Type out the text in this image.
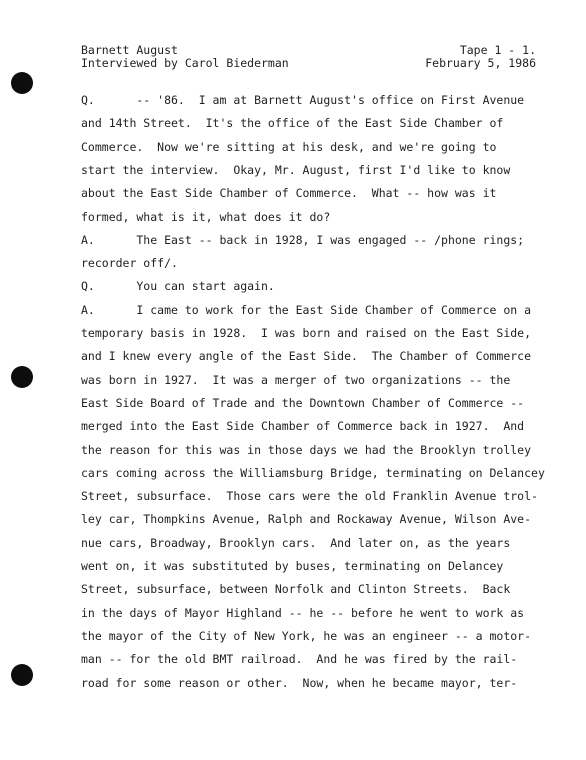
Barnett August	Tape 1 - 1.
Interviewed by Carol Biederman	February 5, 1986
Q.      -- '86.  I am at Barnett August's office on First Avenue
and 14th Street.  It's the office of the East Side Chamber of
Commerce.  Now we're sitting at his desk, and we're going to
start the interview.  Okay, Mr. August, first I'd like to know
about the East Side Chamber of Commerce.  What -- how was it
formed, what is it, what does it do?
A.      The East -- back in 1928, I was engaged -- /phone rings;
recorder off/.
Q.      You can start again.
A.      I came to work for the East Side Chamber of Commerce on a
temporary basis in 1928.  I was born and raised on the East Side,
and I knew every angle of the East Side.  The Chamber of Commerce
was born in 1927.  It was a merger of two organizations -- the
East Side Board of Trade and the Downtown Chamber of Commerce --
merged into the East Side Chamber of Commerce back in 1927.  And
the reason for this was in those days we had the Brooklyn trolley
cars coming across the Williamsburg Bridge, terminating on Delancey
Street, subsurface.  Those cars were the old Franklin Avenue trol-
ley car, Thompkins Avenue, Ralph and Rockaway Avenue, Wilson Ave-
nue cars, Broadway, Brooklyn cars.  And later on, as the years
went on, it was substituted by buses, terminating on Delancey
Street, subsurface, between Norfolk and Clinton Streets.  Back
in the days of Mayor Highland -- he -- before he went to work as
the mayor of the City of New York, he was an engineer -- a motor-
man -- for the old BMT railroad.  And he was fired by the rail-
road for some reason or other.  Now, when he became mayor, ter-
